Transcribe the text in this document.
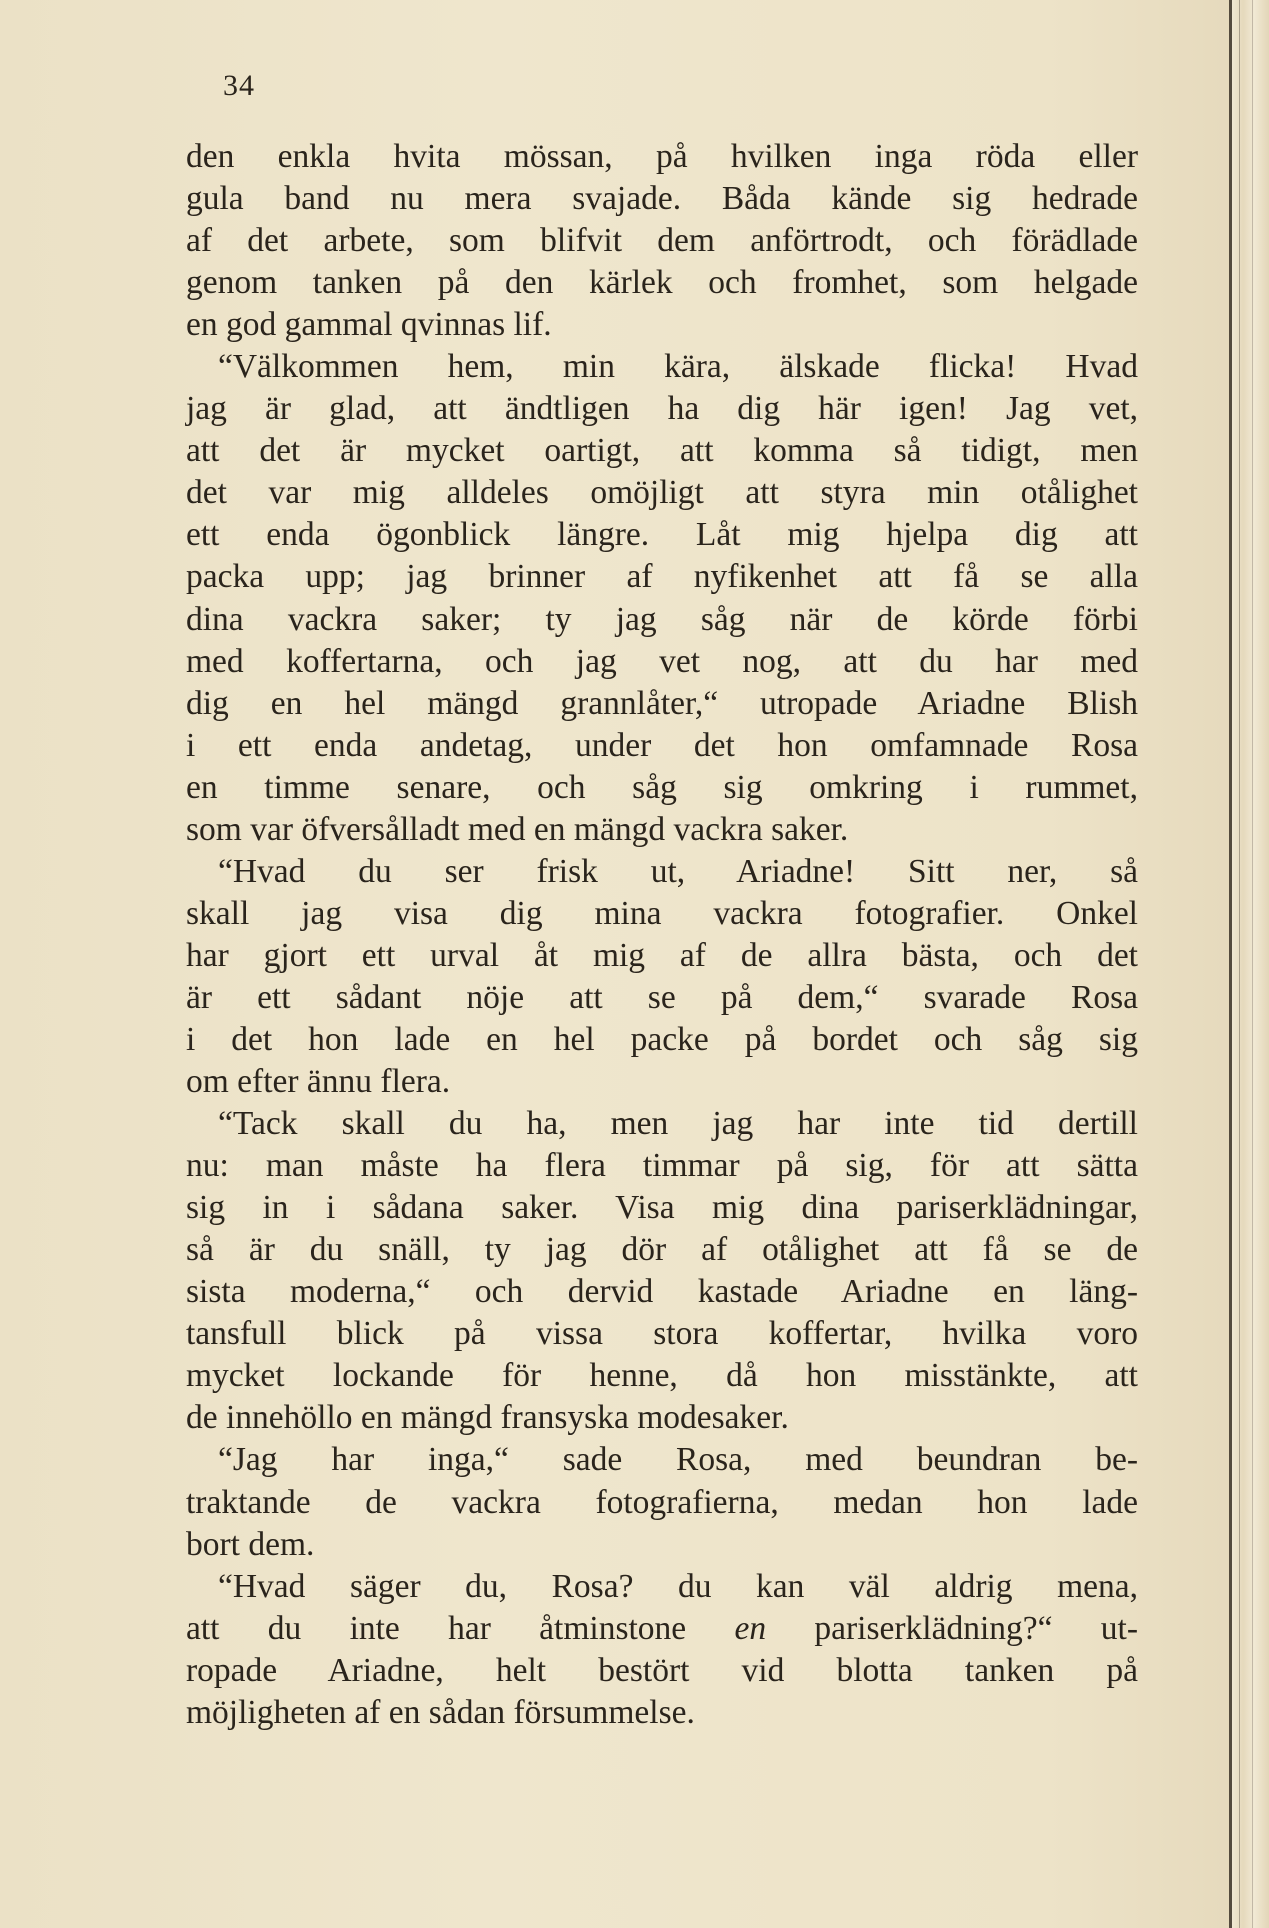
34
den enkla hvita mössan, på hvilken inga röda eller
gula band nu mera svajade. Båda kände sig hedrade
af det arbete, som blifvit dem anförtrodt, och förädlade
genom tanken på den kärlek och fromhet, som helgade
en god gammal qvinnas lif.
“Välkommen hem, min kära, älskade flicka! Hvad
jag är glad, att ändtligen ha dig här igen! Jag vet,
att det är mycket oartigt, att komma så tidigt, men
det var mig alldeles omöjligt att styra min otålighet
ett enda ögonblick längre. Låt mig hjelpa dig att
packa upp; jag brinner af nyfikenhet att få se alla
dina vackra saker; ty jag såg när de körde förbi
med koffertarna, och jag vet nog, att du har med
dig en hel mängd grannlåter,“ utropade Ariadne Blish
i ett enda andetag, under det hon omfamnade Rosa
en timme senare, och såg sig omkring i rummet,
som var öfversålladt med en mängd vackra saker.
“Hvad du ser frisk ut, Ariadne! Sitt ner, så
skall jag visa dig mina vackra fotografier. Onkel
har gjort ett urval åt mig af de allra bästa, och det
är ett sådant nöje att se på dem,“ svarade Rosa
i det hon lade en hel packe på bordet och såg sig
om efter ännu flera.
“Tack skall du ha, men jag har inte tid dertill
nu: man måste ha flera timmar på sig, för att sätta
sig in i sådana saker. Visa mig dina pariserklädningar,
så är du snäll, ty jag dör af otålighet att få se de
sista moderna,“ och dervid kastade Ariadne en läng-
tansfull blick på vissa stora koffertar, hvilka voro
mycket lockande för henne, då hon misstänkte, att
de innehöllo en mängd fransyska modesaker.
“Jag har inga,“ sade Rosa, med beundran be-
traktande de vackra fotografierna, medan hon lade
bort dem.
“Hvad säger du, Rosa? du kan väl aldrig mena,
att du inte har åtminstone en pariserklädning?“ ut-
ropade Ariadne, helt bestört vid blotta tanken på
möjligheten af en sådan försummelse.
